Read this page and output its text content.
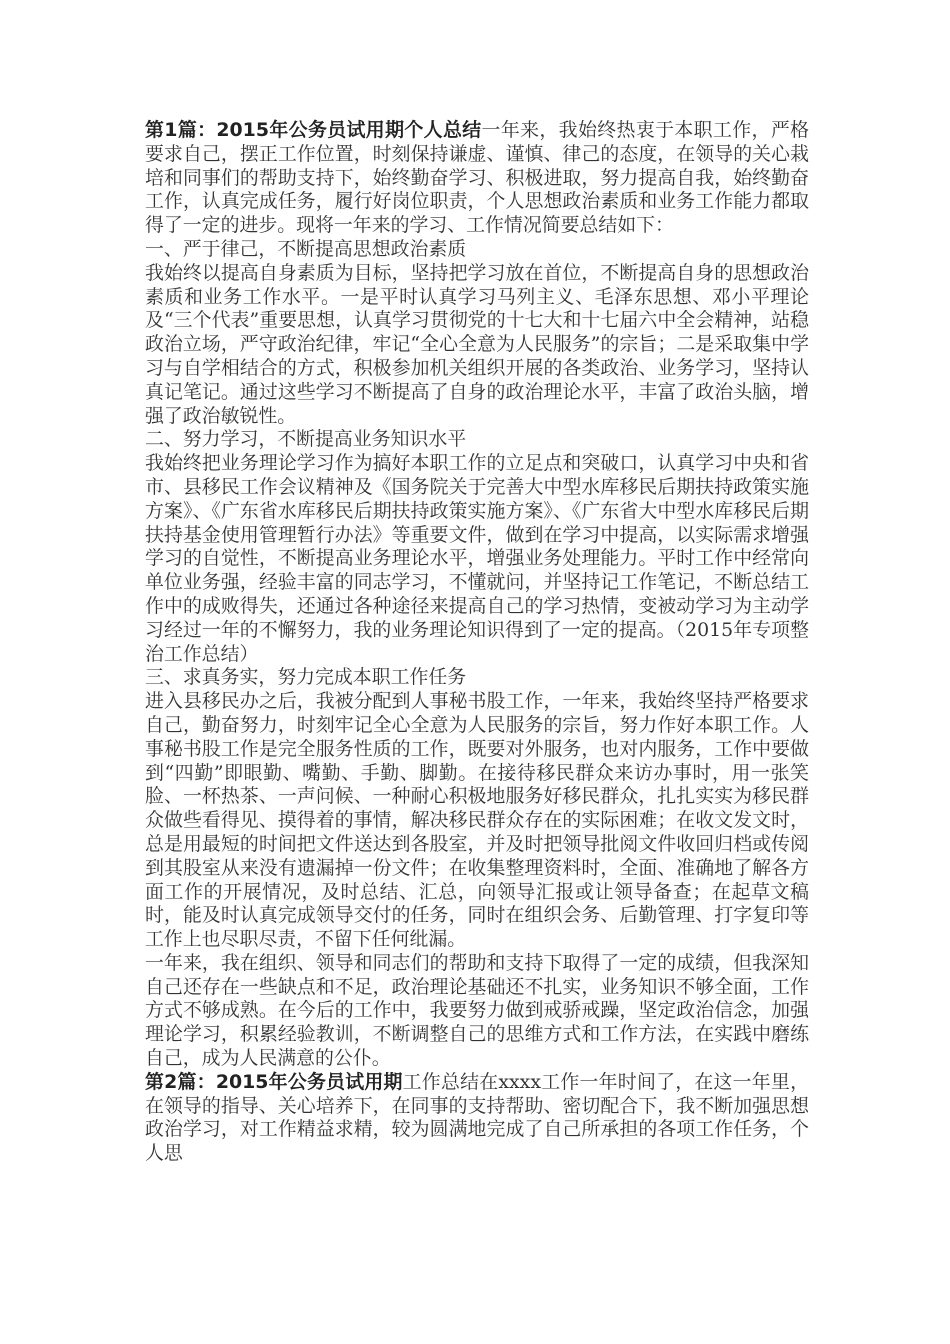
第1篇：2015年公务员试用期个人总结一年来，我始终热衷于本职工作，严格要求自己，摆正工作位置，时刻保持谦虚、谨慎、律己的态度，在领导的关心栽培和同事们的帮助支持下，始终勤奋学习、积极进取，努力提高自我，始终勤奋工作，认真完成任务，履行好岗位职责，个人思想政治素质和业务工作能力都取得了一定的进步。现将一年来的学习、工作情况简要总结如下：

一、严于律己，不断提高思想政治素质

我始终以提高自身素质为目标，坚持把学习放在首位，不断提高自身的思想政治素质和业务工作水平。一是平时认真学习马列主义、毛泽东思想、邓小平理论及“三个代表”重要思想，认真学习贯彻党的十七大和十七届六中全会精神，站稳政治立场，严守政治纪律，牢记“全心全意为人民服务”的宗旨；二是采取集中学习与自学相结合的方式，积极参加机关组织开展的各类政治、业务学习，坚持认真记笔记。通过这些学习不断提高了自身的政治理论水平，丰富了政治头脑，增强了政治敏锐性。

二、努力学习，不断提高业务知识水平

我始终把业务理论学习作为搞好本职工作的立足点和突破口，认真学习中央和省市、县移民工作会议精神及《国务院关于完善大中型水库移民后期扶持政策实施方案》、《广东省水库移民后期扶持政策实施方案》、《广东省大中型水库移民后期扶持基金使用管理暂行办法》等重要文件，做到在学习中提高，以实际需求增强学习的自觉性，不断提高业务理论水平，增强业务处理能力。平时工作中经常向单位业务强，经验丰富的同志学习，不懂就问，并坚持记工作笔记，不断总结工作中的成败得失，还通过各种途径来提高自己的学习热情，变被动学习为主动学习经过一年的不懈努力，我的业务理论知识得到了一定的提高。（2015年专项整治工作总结）

三、求真务实，努力完成本职工作任务

进入县移民办之后，我被分配到人事秘书股工作，一年来，我始终坚持严格要求自己，勤奋努力，时刻牢记全心全意为人民服务的宗旨，努力作好本职工作。人事秘书股工作是完全服务性质的工作，既要对外服务，也对内服务，工作中要做到“四勤”即眼勤、嘴勤、手勤、脚勤。在接待移民群众来访办事时，用一张笑脸、一杯热茶、一声问候、一种耐心积极地服务好移民群众，扎扎实实为移民群众做些看得见、摸得着的事情，解决移民群众存在的实际困难；在收文发文时，总是用最短的时间把文件送达到各股室，并及时把领导批阅文件收回归档或传阅到其股室从来没有遗漏掉一份文件；在收集整理资料时，全面、准确地了解各方面工作的开展情况，及时总结、汇总，向领导汇报或让领导备查；在起草文稿时，能及时认真完成领导交付的任务，同时在组织会务、后勤管理、打字复印等工作上也尽职尽责，不留下任何纰漏。

一年来，我在组织、领导和同志们的帮助和支持下取得了一定的成绩，但我深知自己还存在一些缺点和不足，政治理论基础还不扎实，业务知识不够全面，工作方式不够成熟。在今后的工作中，我要努力做到戒骄戒躁，坚定政治信念，加强理论学习，积累经验教训，不断调整自己的思维方式和工作方法，在实践中磨练自己，成为人民满意的公仆。

第2篇：2015年公务员试用期工作总结在xxxx工作一年时间了，在这一年里，在领导的指导、关心培养下，在同事的支持帮助、密切配合下，我不断加强思想政治学习，对工作精益求精，较为圆满地完成了自己所承担的各项工作任务，个人思
